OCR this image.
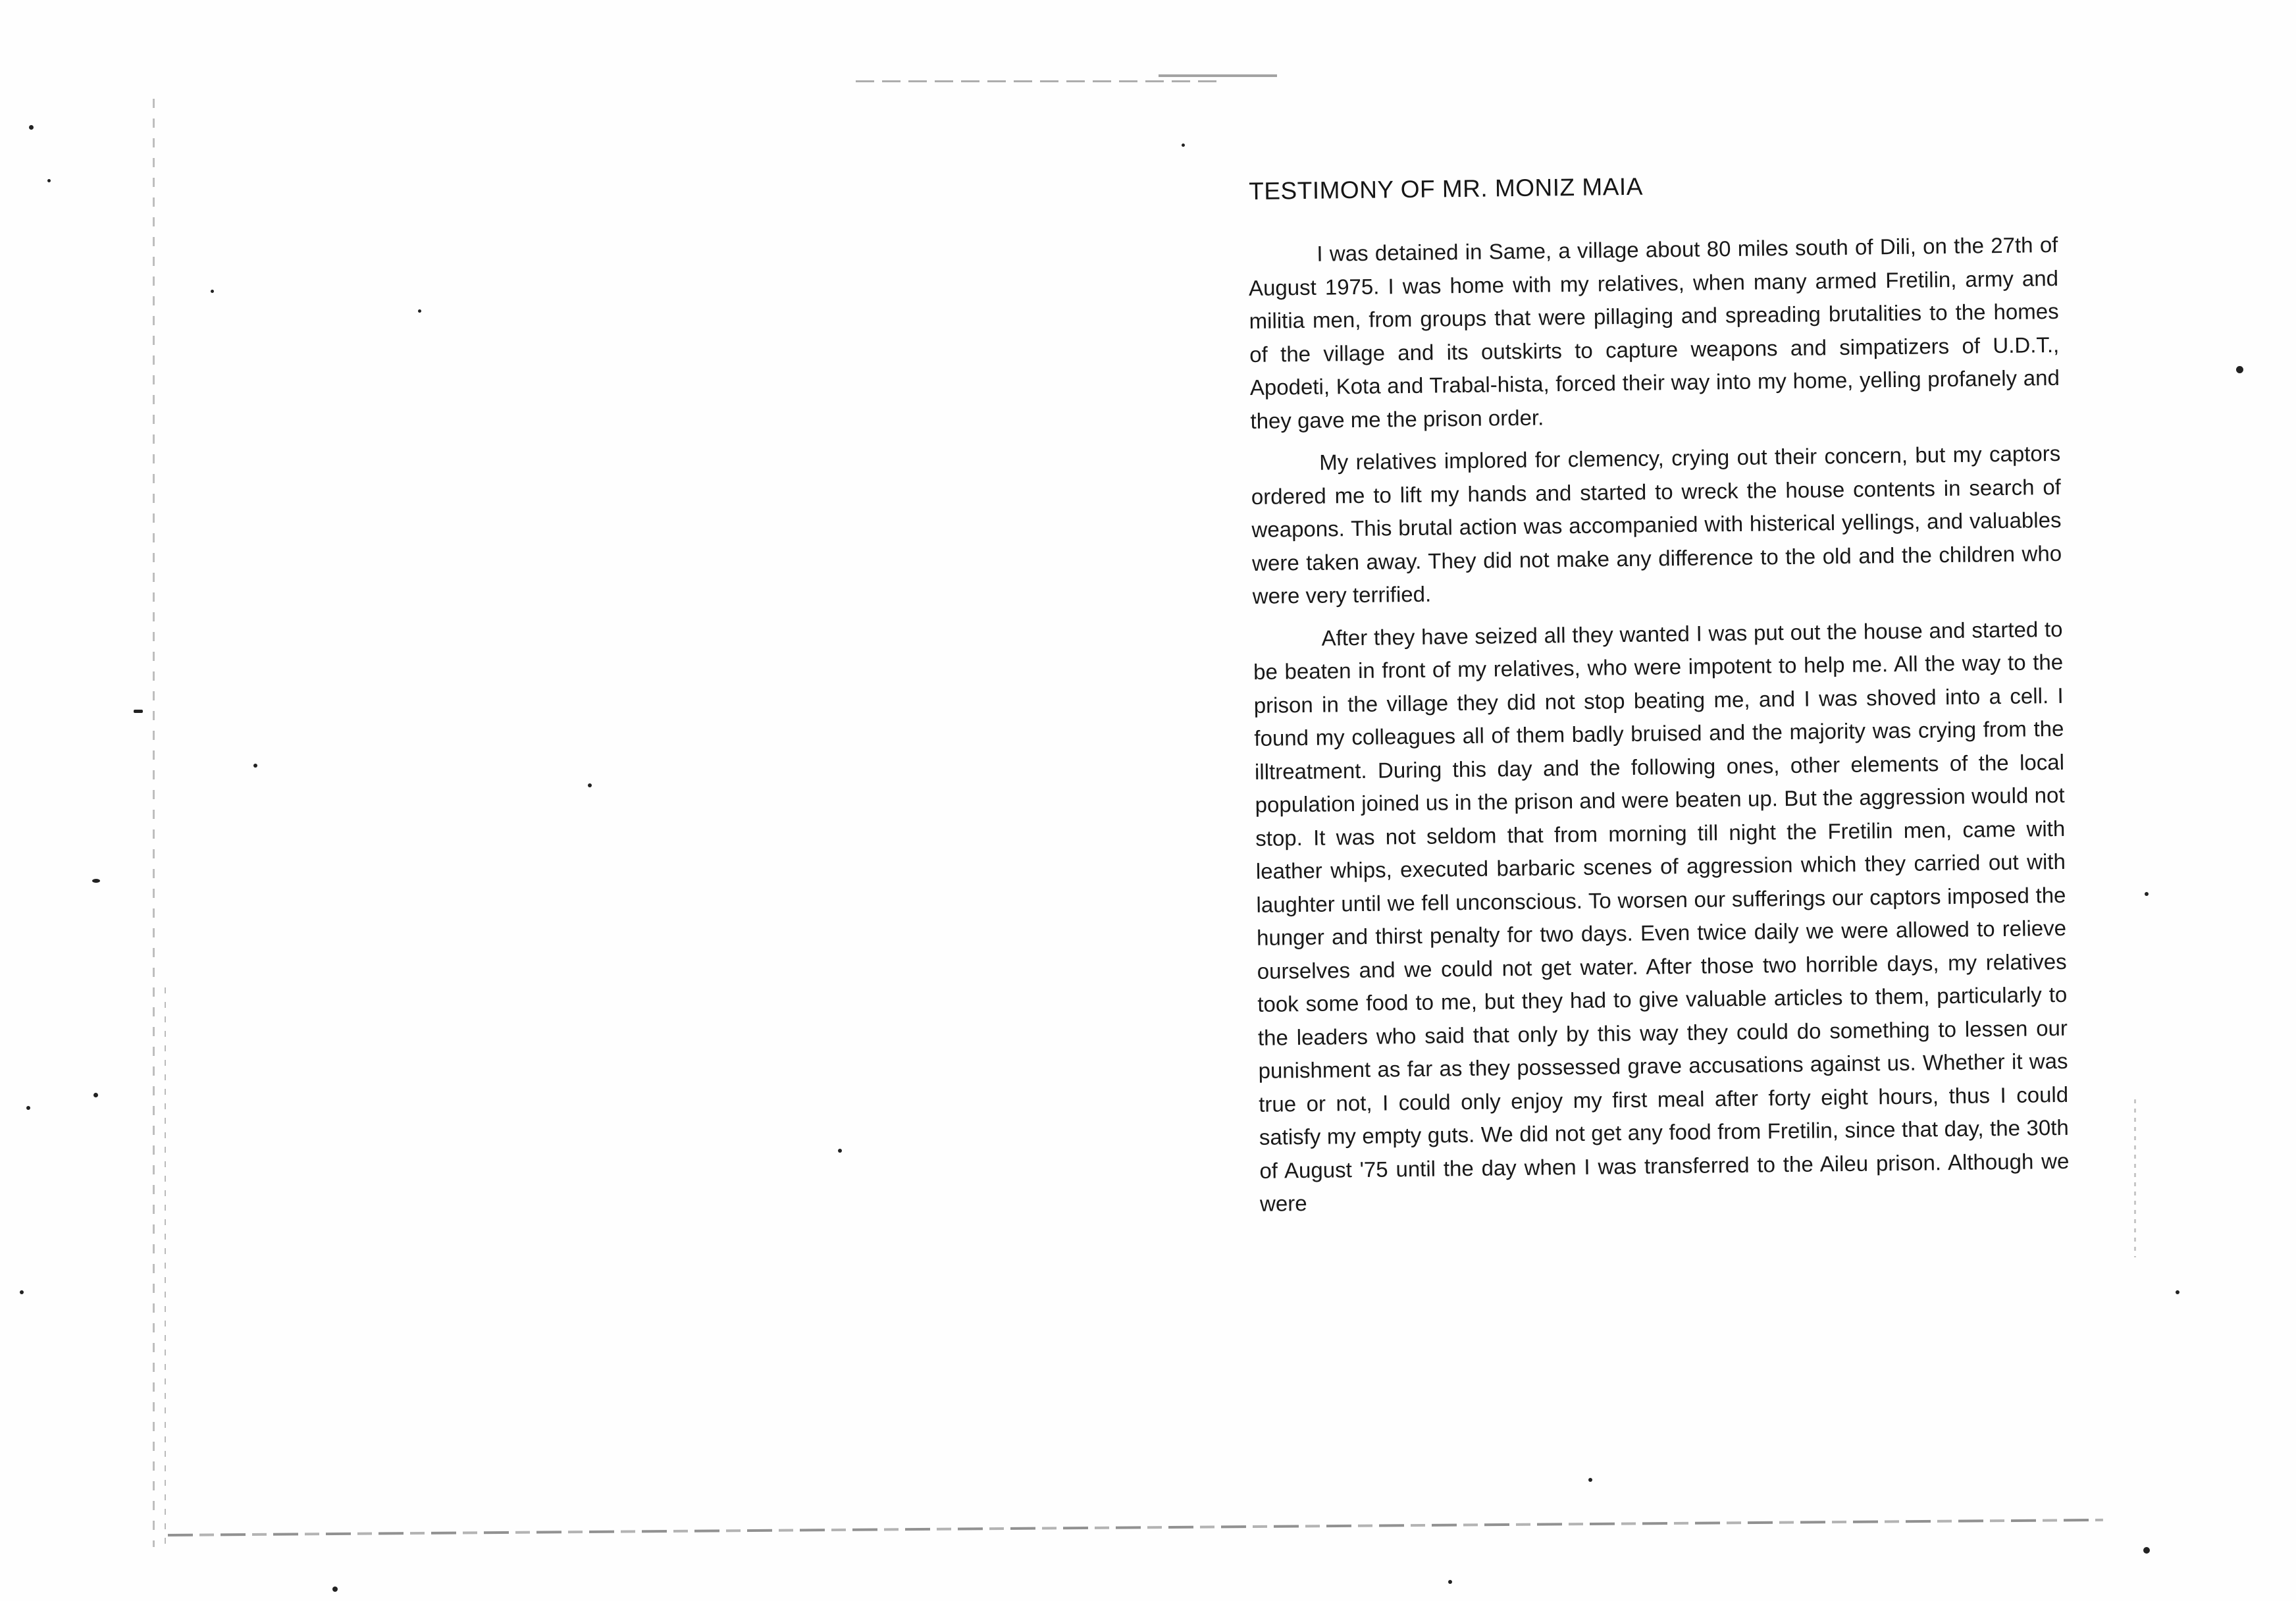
TESTIMONY OF MR. MONIZ MAIA

I was detained in Same, a village about 80 miles south of Dili, on the 27th of August 1975. I was home with my relatives, when many armed Fretilin, army and militia men, from groups that were pillaging and spreading brutalities to the homes of the village and its outskirts to capture weapons and simpatizers of U.D.T., Apodeti, Kota and Trabal-hista, forced their way into my home, yelling profanely and they gave me the prison order.

My relatives implored for clemency, crying out their concern, but my captors ordered me to lift my hands and started to wreck the house contents in search of weapons. This brutal action was accompanied with histerical yellings, and valuables were taken away. They did not make any difference to the old and the children who were very terrified.

After they have seized all they wanted I was put out the house and started to be beaten in front of my relatives, who were impotent to help me. All the way to the prison in the village they did not stop beating me, and I was shoved into a cell. I found my colleagues all of them badly bruised and the majority was crying from the illtreatment. During this day and the following ones, other elements of the local population joined us in the prison and were beaten up. But the aggression would not stop. It was not seldom that from morning till night the Fretilin men, came with leather whips, executed barbaric scenes of aggression which they carried out with laughter until we fell unconscious. To worsen our sufferings our captors imposed the hunger and thirst penalty for two days. Even twice daily we were allowed to relieve ourselves and we could not get water. After those two horrible days, my relatives took some food to me, but they had to give valuable articles to them, particularly to the leaders who said that only by this way they could do something to lessen our punishment as far as they possessed grave accusations against us. Whether it was true or not, I could only enjoy my first meal after forty eight hours, thus I could satisfy my empty guts. We did not get any food from Fretilin, since that day, the 30th of August '75 until the day when I was transferred to the Aileu prison. Although we were
